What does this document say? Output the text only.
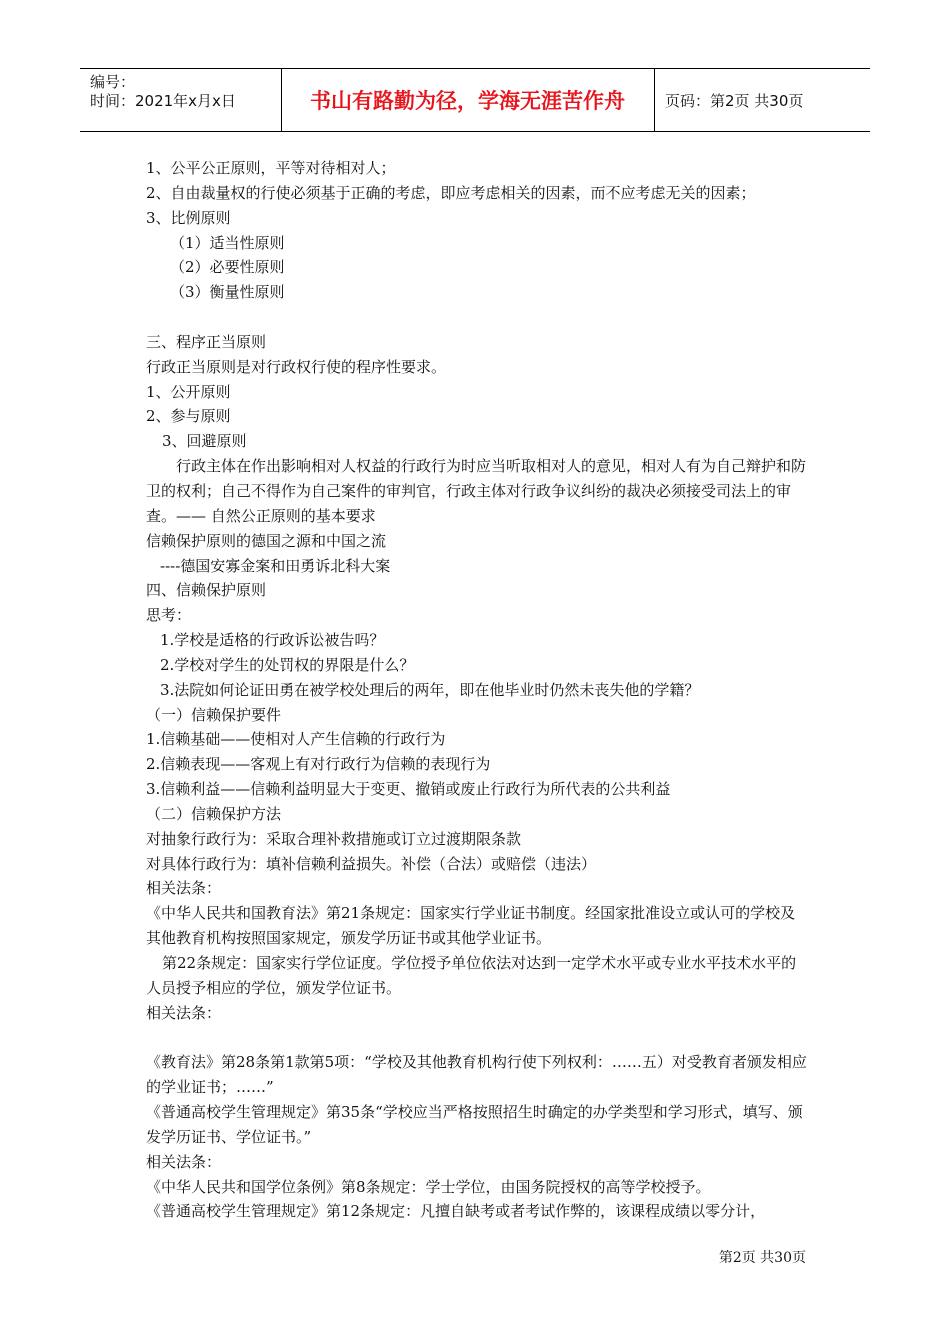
编号：
时间：2021年x月x日	书山有路勤为径，学海无涯苦作舟	页码：第2页 共30页
1、公平公正原则，平等对待相对人；
2、自由裁量权的行使必须基于正确的考虑，即应考虑相关的因素，而不应考虑无关的因素；
3、比例原则
（1）适当性原则
（2）必要性原则
（3）衡量性原则
三、程序正当原则
行政正当原则是对行政权行使的程序性要求。
1、公开原则
2、参与原则
3、回避原则
行政主体在作出影响相对人权益的行政行为时应当听取相对人的意见，相对人有为自己辩护和防卫的权利；自己不得作为自己案件的审判官，行政主体对行政争议纠纷的裁决必须接受司法上的审查。—— 自然公正原则的基本要求
信赖保护原则的德国之源和中国之流
----德国安寡金案和田勇诉北科大案
四、信赖保护原则
思考：
1.学校是适格的行政诉讼被告吗？
2.学校对学生的处罚权的界限是什么？
3.法院如何论证田勇在被学校处理后的两年，即在他毕业时仍然未丧失他的学籍？
（一）信赖保护要件
1.信赖基础——使相对人产生信赖的行政行为
2.信赖表现——客观上有对行政行为信赖的表现行为
3.信赖利益——信赖利益明显大于变更、撤销或废止行政行为所代表的公共利益
（二）信赖保护方法
对抽象行政行为：采取合理补救措施或订立过渡期限条款
对具体行政行为：填补信赖利益损失。补偿（合法）或赔偿（违法）
相关法条：
《中华人民共和国教育法》第21条规定：国家实行学业证书制度。经国家批准设立或认可的学校及其他教育机构按照国家规定，颁发学历证书或其他学业证书。
第22条规定：国家实行学位证度。学位授予单位依法对达到一定学术水平或专业水平技术水平的人员授予相应的学位，颁发学位证书。
相关法条：
《教育法》第28条第1款第5项：“学校及其他教育机构行使下列权利：……五）对受教育者颁发相应的学业证书；……”
《普通高校学生管理规定》第35条“学校应当严格按照招生时确定的办学类型和学习形式，填写、颁发学历证书、学位证书。”
相关法条：
《中华人民共和国学位条例》第8条规定：学士学位，由国务院授权的高等学校授予。
《普通高校学生管理规定》第12条规定：凡擅自缺考或者考试作弊的，该课程成绩以零分计，
第2页 共30页
